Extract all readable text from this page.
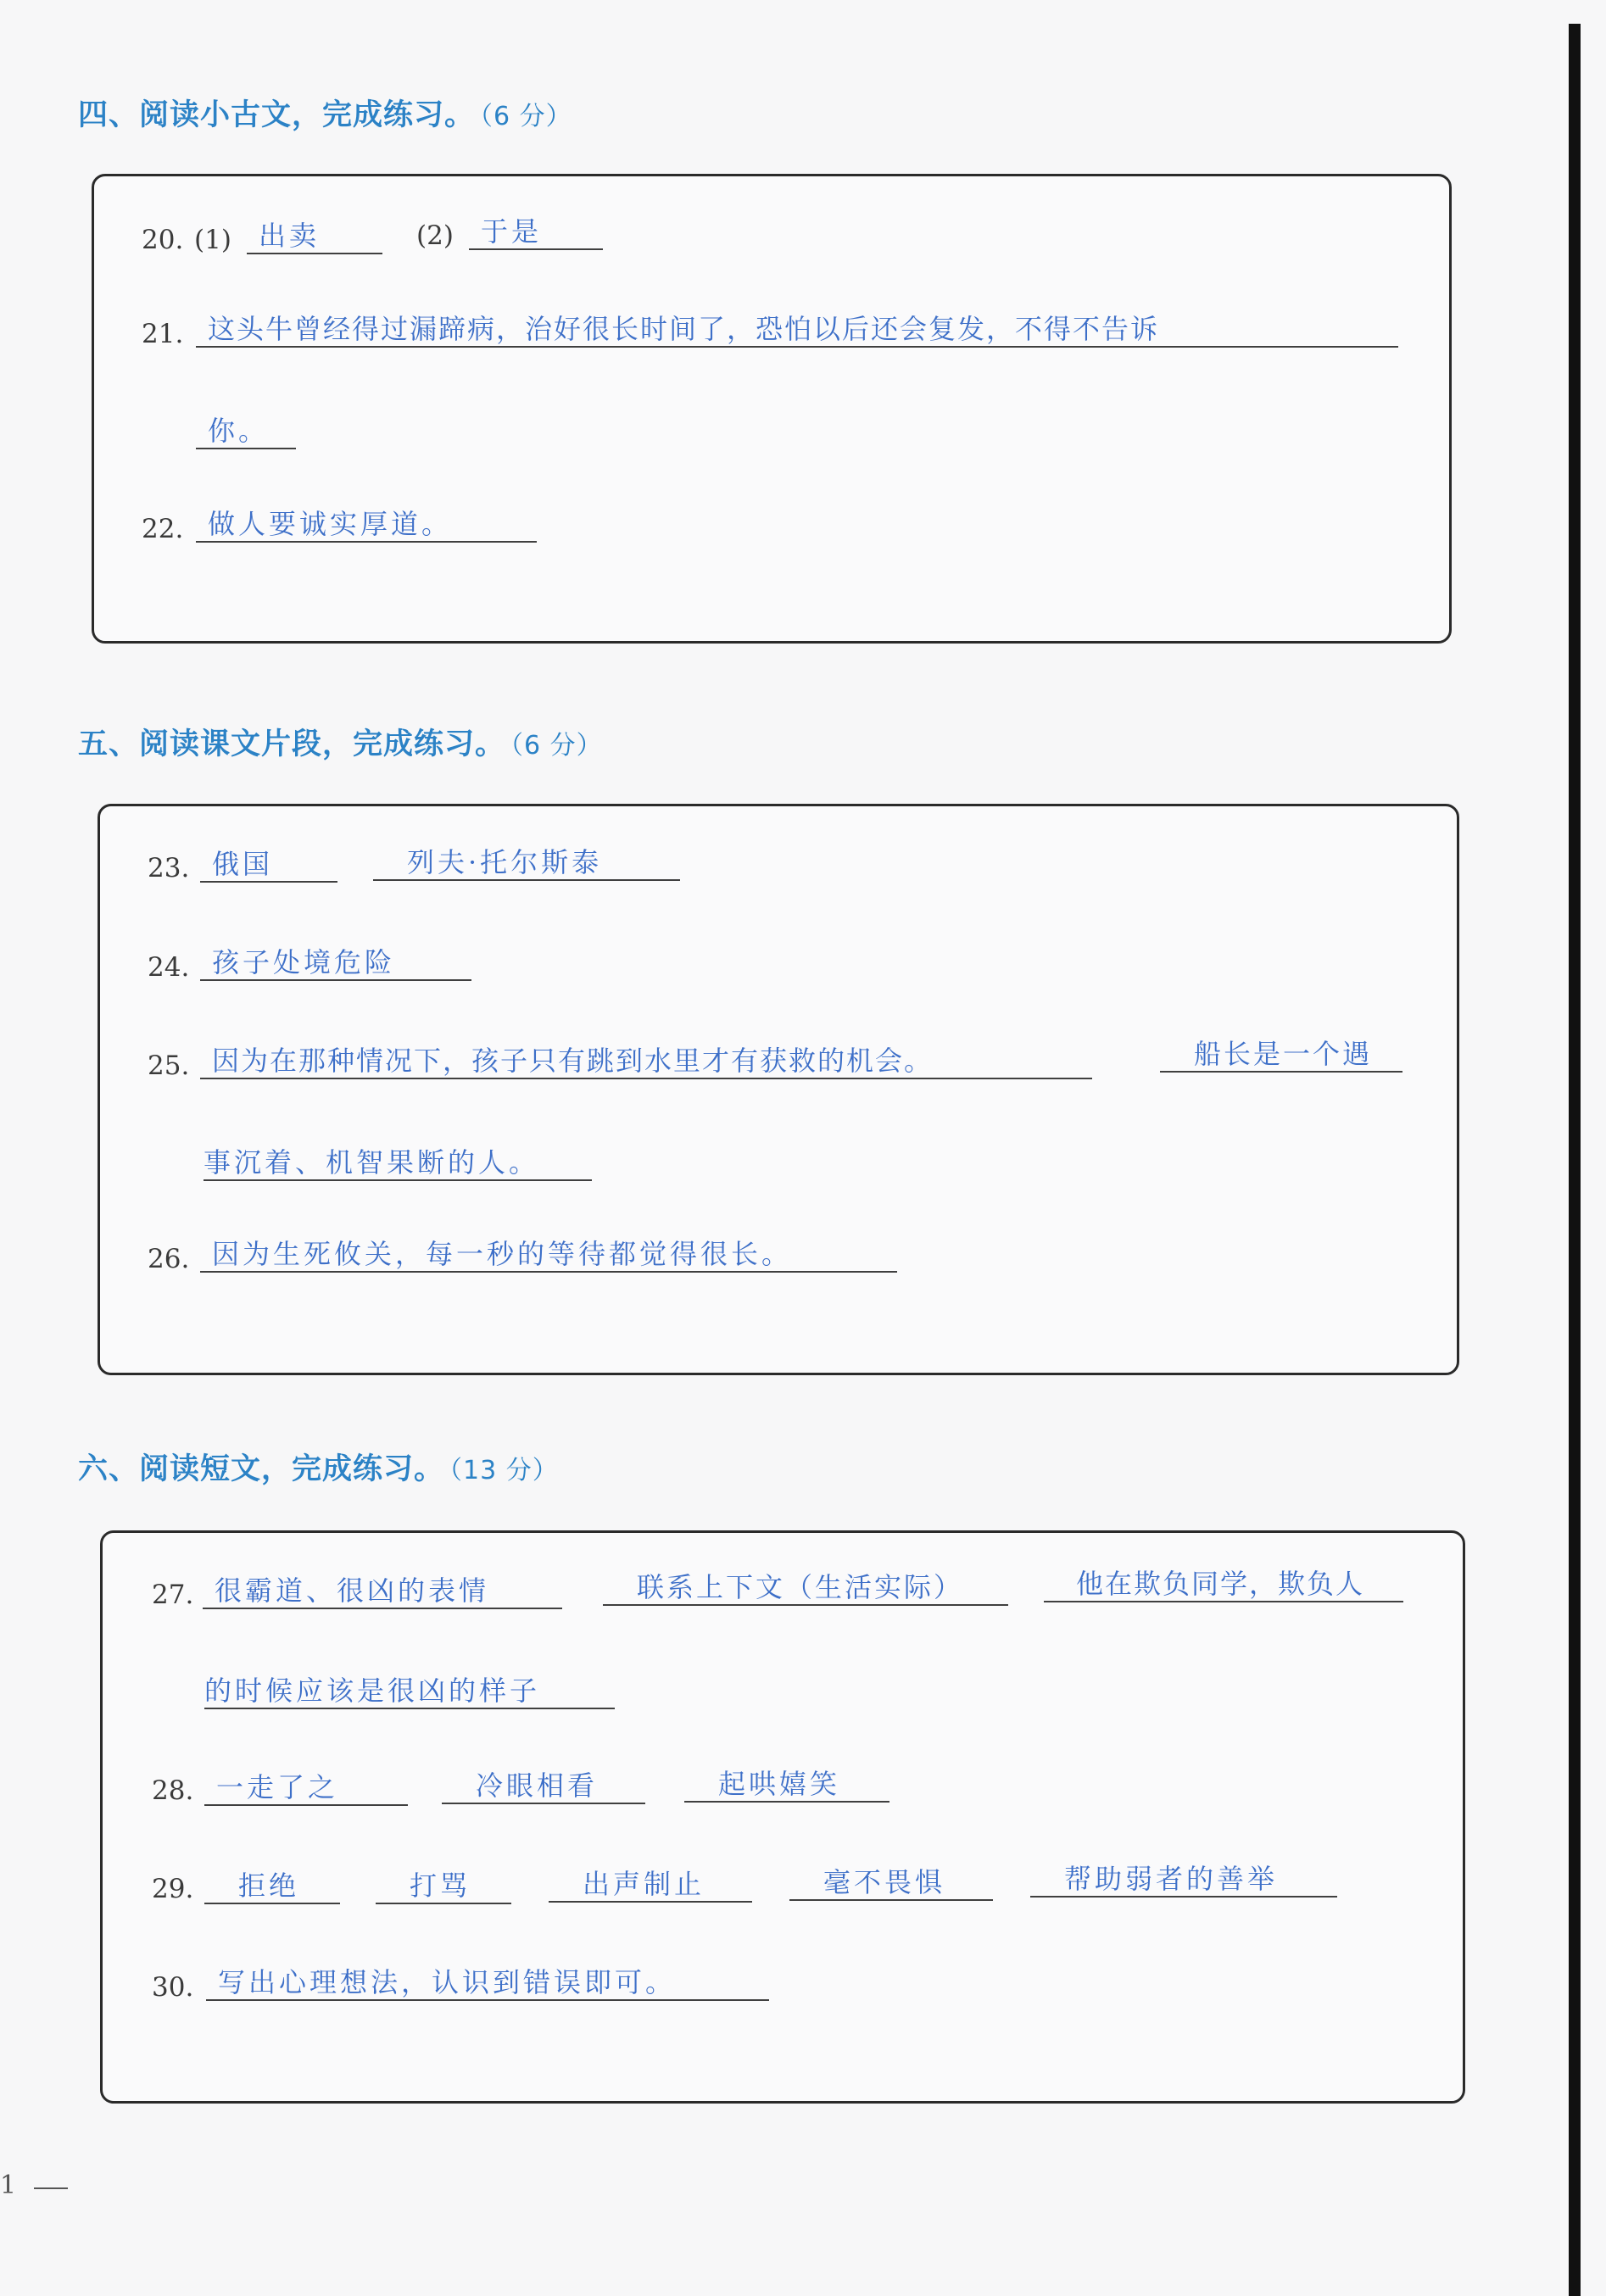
四、阅读小古文，完成练习。 （6 分）
20. (1)	出卖	(2)	于是
21. 这头牛曾经得过漏蹄病，治好很长时间了，恐怕以后还会复发，不得不告诉
你。
22. 做人要诚实厚道。
五、阅读课文片段，完成练习。 （6 分）
23. 俄国	列夫·托尔斯泰
24. 孩子处境危险
25. 因为在那种情况下，孩子只有跳到水里才有获救的机会。	船长是一个遇
事沉着、机智果断的人。
26. 因为生死攸关，每一秒的等待都觉得很长。
六、阅读短文，完成练习。 （13 分）
27. 很霸道、很凶的表情	联系上下文（生活实际）	他在欺负同学，欺负人
的时候应该是很凶的样子
28. 一走了之	冷眼相看	起哄嬉笑
29.	拒绝	打骂	出声制止	毫不畏惧	帮助弱者的善举
30. 写出心理想法，认识到错误即可。
1
